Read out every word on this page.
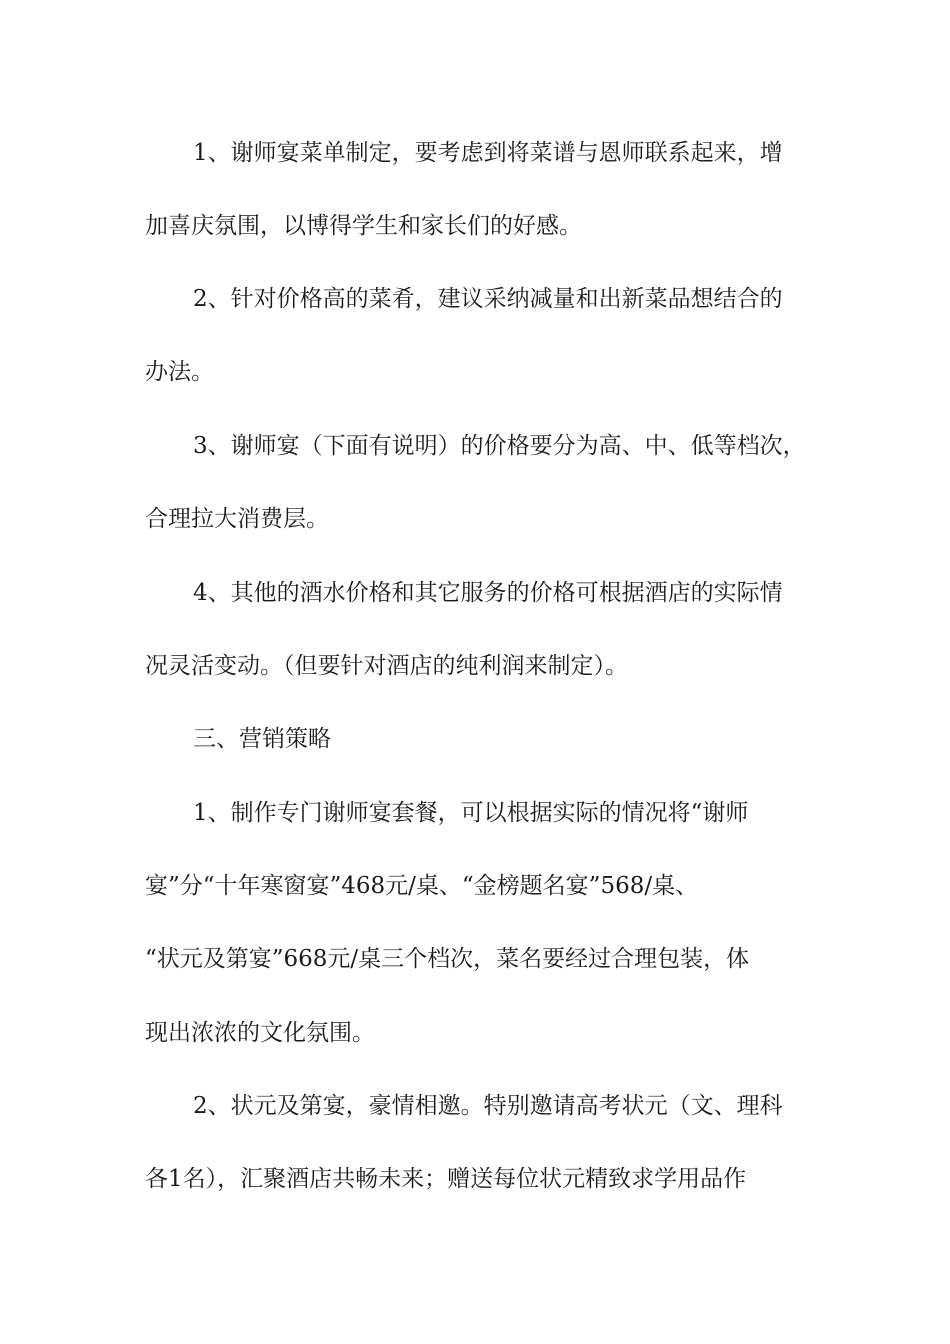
1、谢师宴菜单制定，要考虑到将菜谱与恩师联系起来，增
加喜庆氛围，以博得学生和家长们的好感。
2、针对价格高的菜肴，建议采纳减量和出新菜品想结合的
办法。
3、谢师宴（下面有说明）的价格要分为高、中、低等档次，
合理拉大消费层。
4、其他的酒水价格和其它服务的价格可根据酒店的实际情
况灵活变动。（但要针对酒店的纯利润来制定）。
三、营销策略
1、制作专门谢师宴套餐，可以根据实际的情况将“谢师
宴”分“十年寒窗宴”468元/桌、“金榜题名宴”568/桌、
“状元及第宴”668元/桌三个档次，菜名要经过合理包装，体
现出浓浓的文化氛围。
2、状元及第宴，豪情相邀。特别邀请高考状元（文、理科
各1名），汇聚酒店共畅未来；赠送每位状元精致求学用品作
